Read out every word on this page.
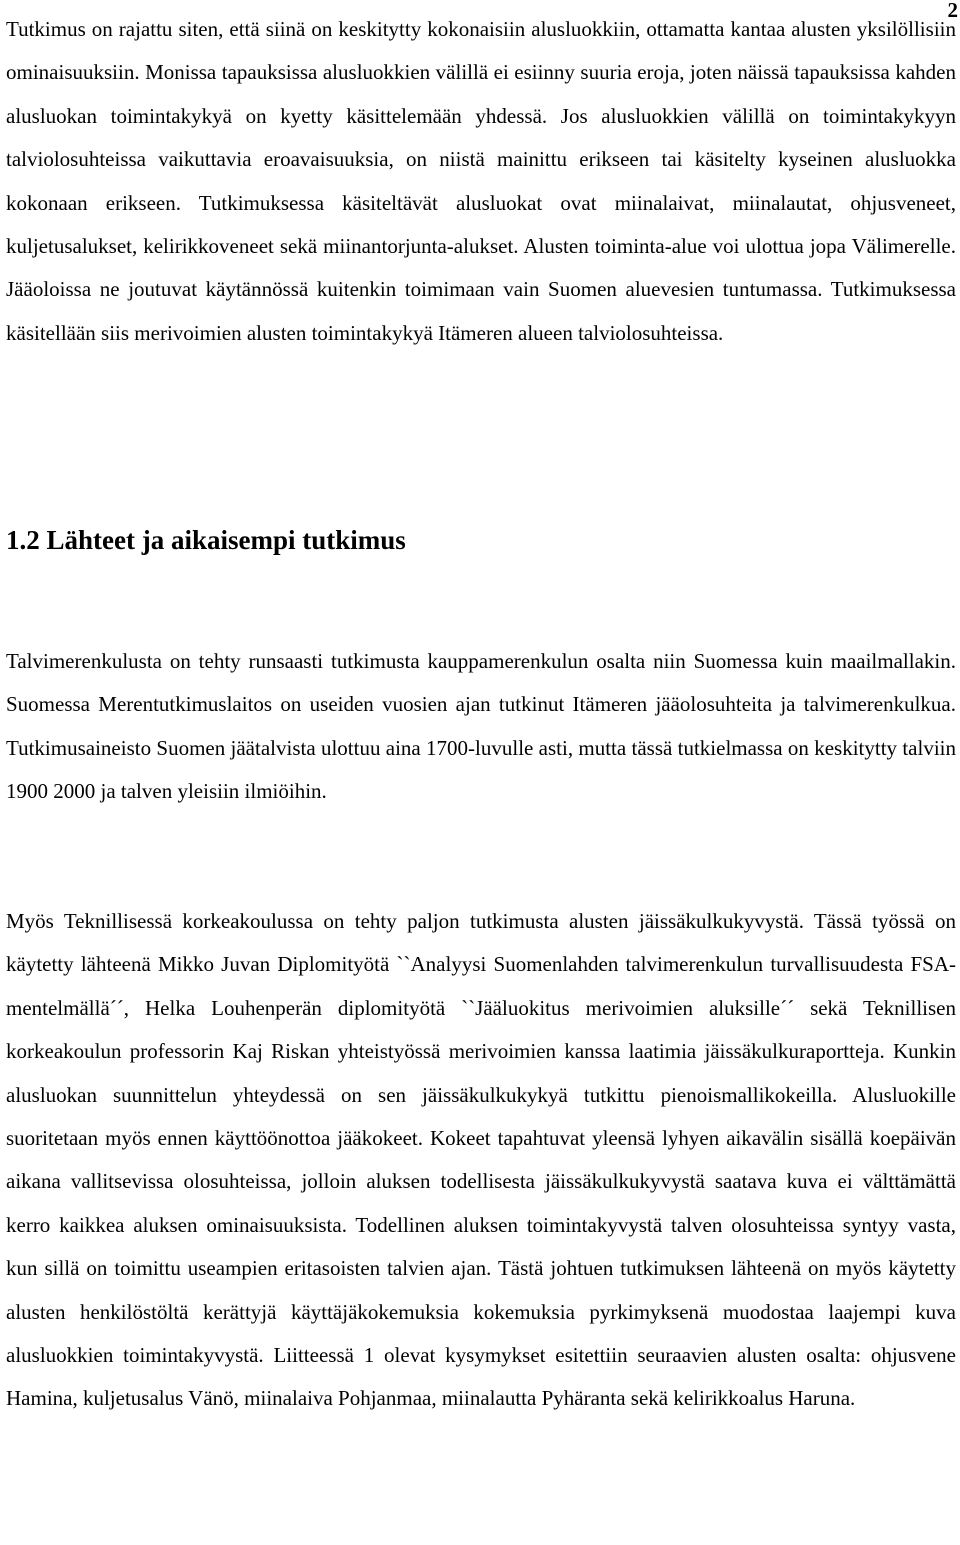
2

Tutkimus on rajattu siten, että siinä on keskitytty kokonaisiin alusluokkiin, ottamatta kantaa alusten yksilöllisiin ominaisuuksiin. Monissa tapauksissa alusluokkien välillä ei esiinny suuria eroja, joten näissä tapauksissa kahden alusluokan toimintakykyä on kyetty käsittelemään yhdessä. Jos alusluokkien välillä on toimintakykyyn talviolosuhteissa vaikuttavia eroavaisuuksia, on niistä mainittu erikseen tai käsitelty kyseinen alusluokka kokonaan erikseen. Tutkimuksessa käsiteltävät alusluokat ovat miinalaivat, miinalautat, ohjusveneet, kuljetusalukset, kelirikkoveneet sekä miinantorjunta-alukset. Alusten toiminta-alue voi ulottua jopa Välimerelle. Jääoloissa ne joutuvat käytännössä kuitenkin toimimaan vain Suomen aluevesien tuntumassa. Tutkimuksessa käsitellään siis merivoimien alusten toimintakykyä Itämeren alueen talviolosuhteissa.

1.2 Lähteet ja aikaisempi tutkimus

Talvimerenkulusta on tehty runsaasti tutkimusta kauppamerenkulun osalta niin Suomessa kuin maailmallakin. Suomessa Merentutkimuslaitos on useiden vuosien ajan tutkinut Itämeren jääolosuhteita ja talvimerenkulkua. Tutkimusaineisto Suomen jäätalvista ulottuu aina 1700-luvulle asti, mutta tässä tutkielmassa on keskitytty talviin 1900 2000 ja talven yleisiin ilmiöihin.

Myös Teknillisessä korkeakoulussa on tehty paljon tutkimusta alusten jäissäkulkukyvystä. Tässä työssä on käytetty lähteenä Mikko Juvan Diplomityötä ``Analyysi Suomenlahden talvimerenkulun turvallisuudesta FSA-mentelmällä´´, Helka Louhenperän diplomityötä ``Jääluokitus merivoimien aluksille´´ sekä Teknillisen korkeakoulun professorin Kaj Riskan yhteistyössä merivoimien kanssa laatimia jäissäkulkuraportteja. Kunkin alusluokan suunnittelun yhteydessä on sen jäissäkulkukykyä tutkittu pienoismallikokeilla. Alusluokille suoritetaan myös ennen käyttöönottoa jääkokeet. Kokeet tapahtuvat yleensä lyhyen aikavälin sisällä koepäivän aikana vallitsevissa olosuhteissa, jolloin aluksen todellisesta jäissäkulkukyvystä saatava kuva ei välttämättä kerro kaikkea aluksen ominaisuuksista. Todellinen aluksen toimintakyvystä talven olosuhteissa syntyy vasta, kun sillä on toimittu useampien eritasoisten talvien ajan. Tästä johtuen tutkimuksen lähteenä on myös käytetty alusten henkilöstöltä kerättyjä käyttäjäkokemuksia kokemuksia pyrkimyksenä muodostaa laajempi kuva alusluokkien toimintakyvystä. Liitteessä 1 olevat kysymykset esitettiin seuraavien alusten osalta: ohjusvene Hamina, kuljetusalus Vänö, miinalaiva Pohjanmaa, miinalautta Pyhäranta sekä kelirikkoalus Haruna.
